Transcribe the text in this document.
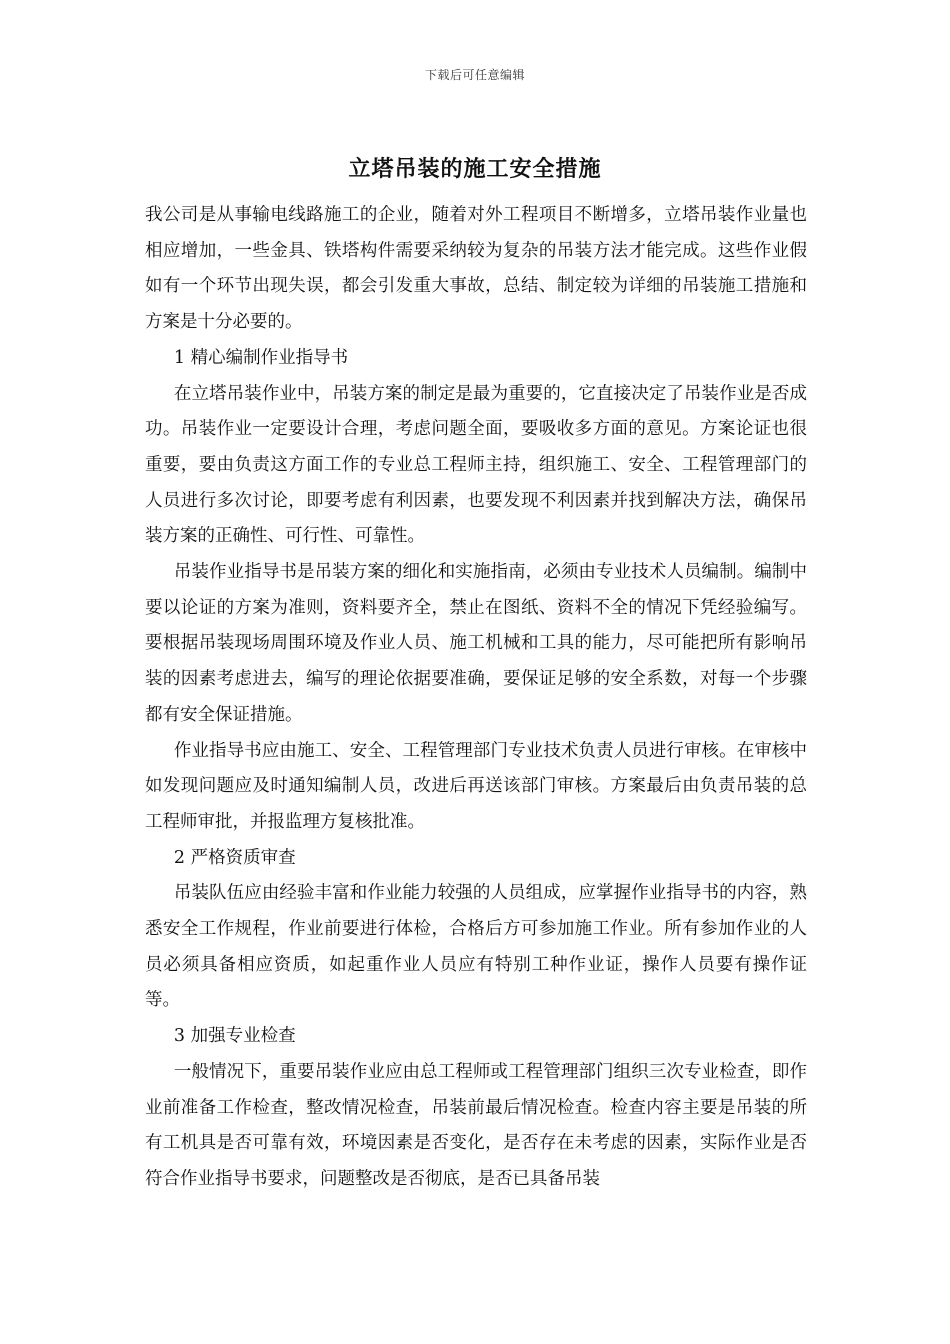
下载后可任意编辑
立塔吊装的施工安全措施

我公司是从事输电线路施工的企业，随着对外工程项目不断增多，立塔吊装作业量也相应增加，一些金具、铁塔构件需要采纳较为复杂的吊装方法才能完成。这些作业假如有一个环节出现失误，都会引发重大事故，总结、制定较为详细的吊装施工措施和方案是十分必要的。

1 精心编制作业指导书

在立塔吊装作业中，吊装方案的制定是最为重要的，它直接决定了吊装作业是否成功。吊装作业一定要设计合理，考虑问题全面，要吸收多方面的意见。方案论证也很重要，要由负责这方面工作的专业总工程师主持，组织施工、安全、工程管理部门的人员进行多次讨论，即要考虑有利因素，也要发现不利因素并找到解决方法，确保吊装方案的正确性、可行性、可靠性。

吊装作业指导书是吊装方案的细化和实施指南，必须由专业技术人员编制。编制中要以论证的方案为准则，资料要齐全，禁止在图纸、资料不全的情况下凭经验编写。要根据吊装现场周围环境及作业人员、施工机械和工具的能力，尽可能把所有影响吊装的因素考虑进去，编写的理论依据要准确，要保证足够的安全系数，对每一个步骤都有安全保证措施。

作业指导书应由施工、安全、工程管理部门专业技术负责人员进行审核。在审核中如发现问题应及时通知编制人员，改进后再送该部门审核。方案最后由负责吊装的总工程师审批，并报监理方复核批准。

2 严格资质审查

吊装队伍应由经验丰富和作业能力较强的人员组成，应掌握作业指导书的内容，熟悉安全工作规程，作业前要进行体检，合格后方可参加施工作业。所有参加作业的人员必须具备相应资质，如起重作业人员应有特别工种作业证，操作人员要有操作证等。

3 加强专业检查

一般情况下，重要吊装作业应由总工程师或工程管理部门组织三次专业检查，即作业前准备工作检查，整改情况检查，吊装前最后情况检查。检查内容主要是吊装的所有工机具是否可靠有效，环境因素是否变化，是否存在未考虑的因素，实际作业是否符合作业指导书要求，问题整改是否彻底，是否已具备吊装
